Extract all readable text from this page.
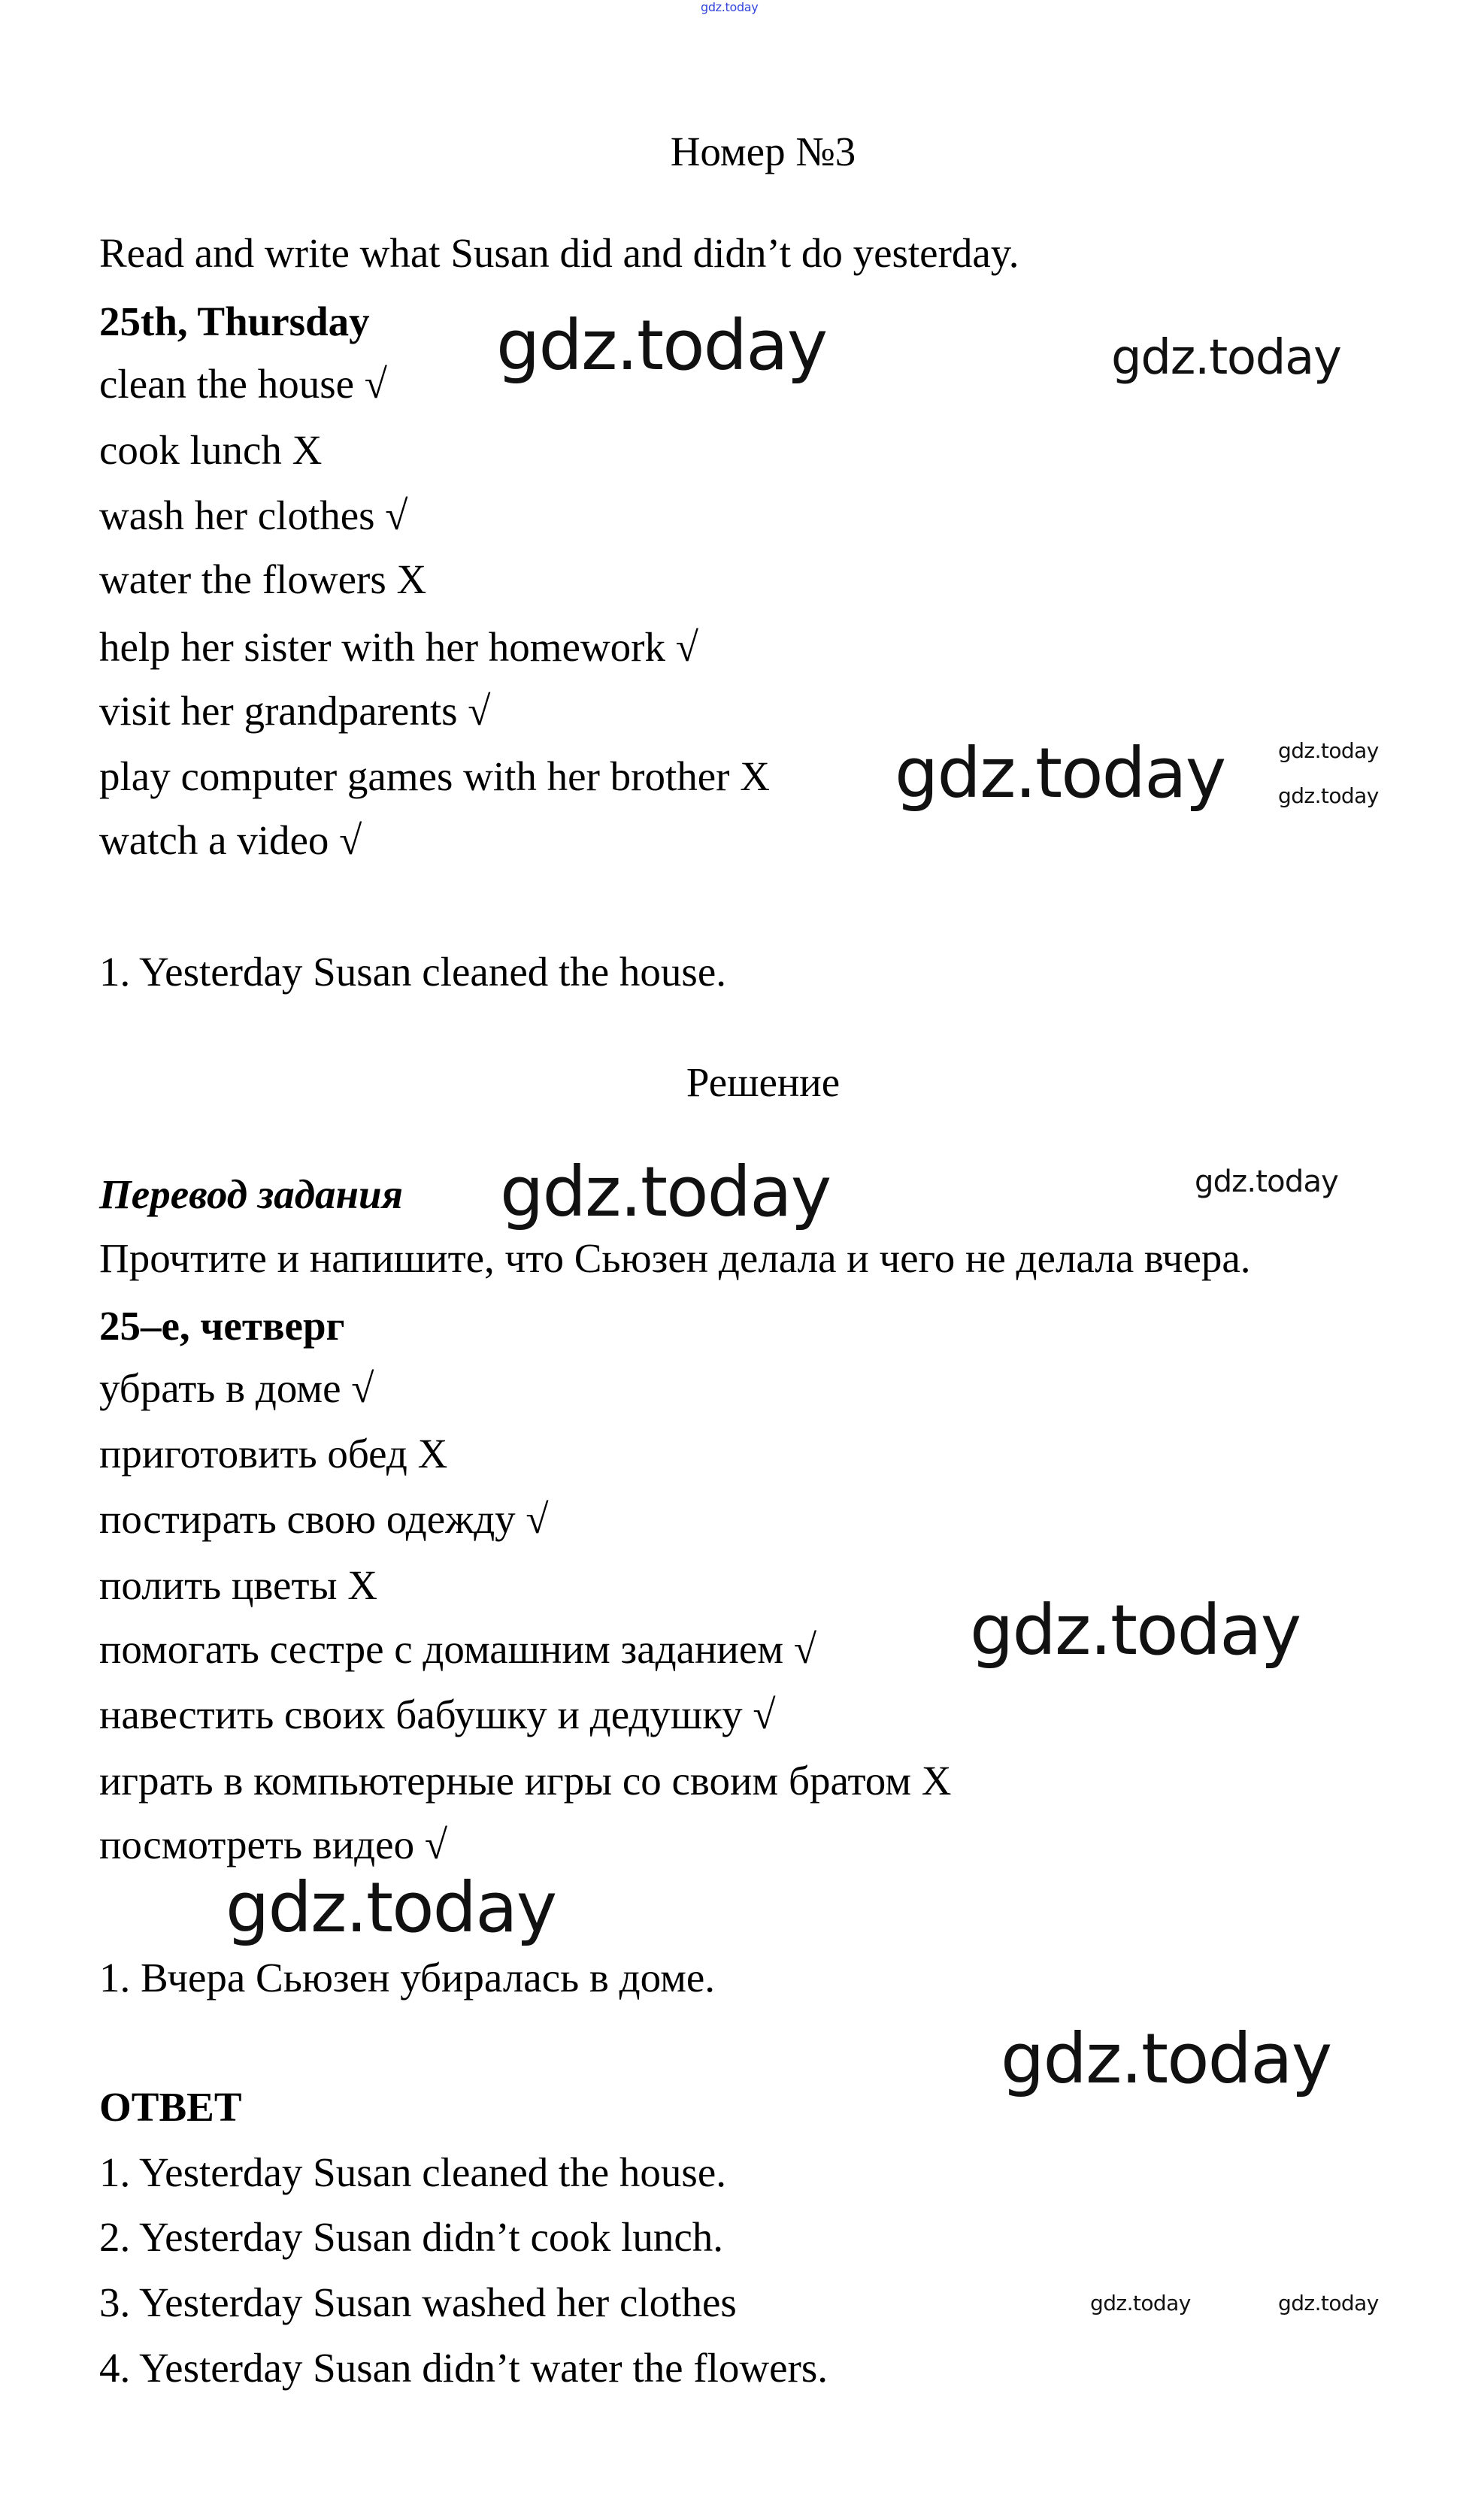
gdz.today
Номер №3
Read and write what Susan did and didn’t do yesterday.
25th, Thursday
clean the house √
cook lunch X
wash her clothes √
water the flowers X
help her sister with her homework √
visit her grandparents √
play computer games with her brother X
watch a video √
1. Yesterday Susan cleaned the house.
Решение
Перевод задания
Прочтите и напишите, что Сьюзен делала и чего не делала вчера.
25–е, четверг
убрать в доме √
приготовить обед X
постирать свою одежду √
полить цветы X
помогать сестре с домашним заданием √
навестить своих бабушку и дедушку √
играть в компьютерные игры со своим братом X
посмотреть видео √
1. Вчера Сьюзен убиралась в доме.
ОТВЕТ
1. Yesterday Susan cleaned the house.
2. Yesterday Susan didn’t cook lunch.
3. Yesterday Susan washed her clothes
4. Yesterday Susan didn’t water the flowers.
gdz.today	gdz.today
gdz.today
gdz.today
gdz.today
gdz.today
gdz.today
gdz.today
gdz.today
gdz.today
gdz.today	gdz.today
